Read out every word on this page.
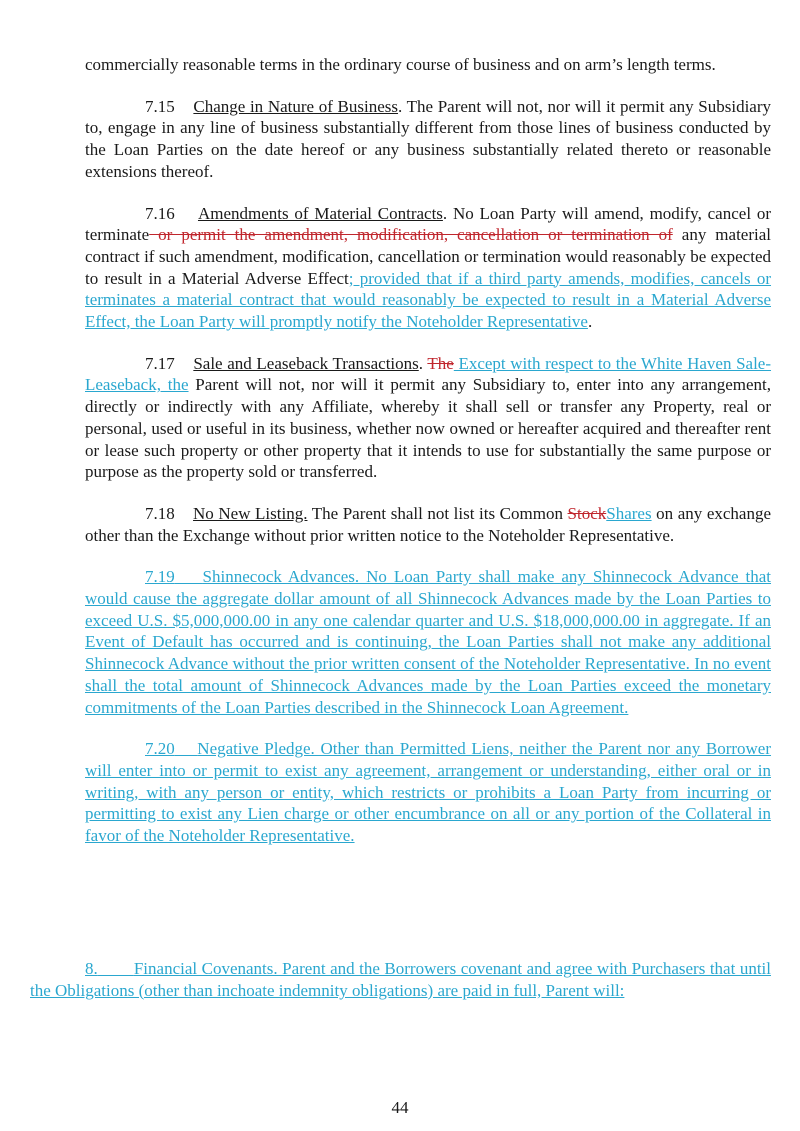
commercially reasonable terms in the ordinary course of business and on arm’s length terms.

7.15 Change in Nature of Business. The Parent will not, nor will it permit any Subsidiary to, engage in any line of business substantially different from those lines of business conducted by the Loan Parties on the date hereof or any business substantially related thereto or reasonable extensions thereof.

7.16 Amendments of Material Contracts. No Loan Party will amend, modify, cancel or terminate or permit the amendment, modification, cancellation or termination of any material contract if such amendment, modification, cancellation or termination would reasonably be expected to result in a Material Adverse Effect; provided that if a third party amends, modifies, cancels or terminates a material contract that would reasonably be expected to result in a Material Adverse Effect, the Loan Party will promptly notify the Noteholder Representative.

7.17 Sale and Leaseback Transactions. The Except with respect to the White Haven Sale-Leaseback, the Parent will not, nor will it permit any Subsidiary to, enter into any arrangement, directly or indirectly with any Affiliate, whereby it shall sell or transfer any Property, real or personal, used or useful in its business, whether now owned or hereafter acquired and thereafter rent or lease such property or other property that it intends to use for substantially the same purpose or purpose as the property sold or transferred.

7.18 No New Listing. The Parent shall not list its Common StockShares on any exchange other than the Exchange without prior written notice to the Noteholder Representative.

7.19 Shinnecock Advances. No Loan Party shall make any Shinnecock Advance that would cause the aggregate dollar amount of all Shinnecock Advances made by the Loan Parties to exceed U.S. $5,000,000.00 in any one calendar quarter and U.S. $18,000,000.00 in aggregate. If an Event of Default has occurred and is continuing, the Loan Parties shall not make any additional Shinnecock Advance without the prior written consent of the Noteholder Representative. In no event shall the total amount of Shinnecock Advances made by the Loan Parties exceed the monetary commitments of the Loan Parties described in the Shinnecock Loan Agreement.

7.20 Negative Pledge. Other than Permitted Liens, neither the Parent nor any Borrower will enter into or permit to exist any agreement, arrangement or understanding, either oral or in writing, with any person or entity, which restricts or prohibits a Loan Party from incurring or permitting to exist any Lien charge or other encumbrance on all or any portion of the Collateral in favor of the Noteholder Representative.

8. Financial Covenants. Parent and the Borrowers covenant and agree with Purchasers that until the Obligations (other than inchoate indemnity obligations) are paid in full, Parent will:
44
